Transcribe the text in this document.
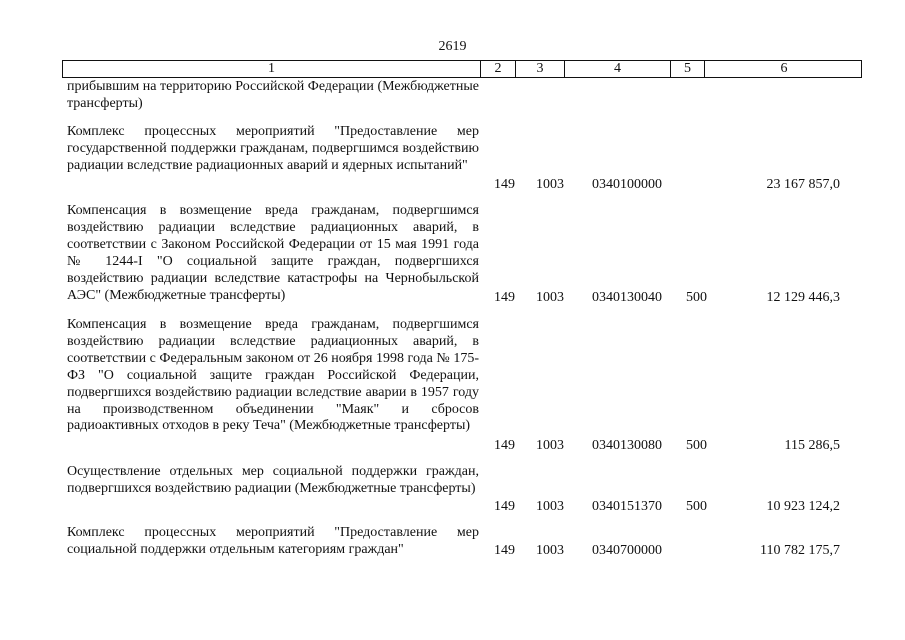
2619
1	2	3	4	5	6
прибывшим на территорию Российской Федерации (Межбюджетные трансферты)
Комплекс процессных мероприятий "Предоставление мер государственной поддержки гражданам, подвергшимся воздействию радиации вследствие радиационных аварий и ядерных испытаний"
149 1003 0340100000	23 167 857,0
Компенсация в возмещение вреда гражданам, подвергшимся воздействию радиации вследствие радиационных аварий, в соответствии с Законом Российской Федерации от 15 мая 1991 года № 1244-I "О социальной защите граждан, подвергшихся воздействию радиации вследствие катастрофы на Чернобыльской АЭС" (Межбюджетные трансферты)	149 1003 0340130040 500	12 129 446,3
Компенсация в возмещение вреда гражданам, подвергшимся воздействию радиации вследствие радиационных аварий, в соответствии с Федеральным законом от 26 ноября 1998 года № 175-ФЗ "О социальной защите граждан Российской Федерации, подвергшихся воздействию радиации вследствие аварии в 1957 году на производственном объединении "Маяк" и сбросов радиоактивных отходов в реку Теча" (Межбюджетные трансферты)
149 1003 0340130080 500	115 286,5
Осуществление отдельных мер социальной поддержки граждан, подвергшихся воздействию радиации (Межбюджетные трансферты)
149 1003 0340151370 500	10 923 124,2
Комплекс процессных мероприятий "Предоставление мер социальной поддержки отдельным категориям граждан"	149 1003 0340700000	110 782 175,7
